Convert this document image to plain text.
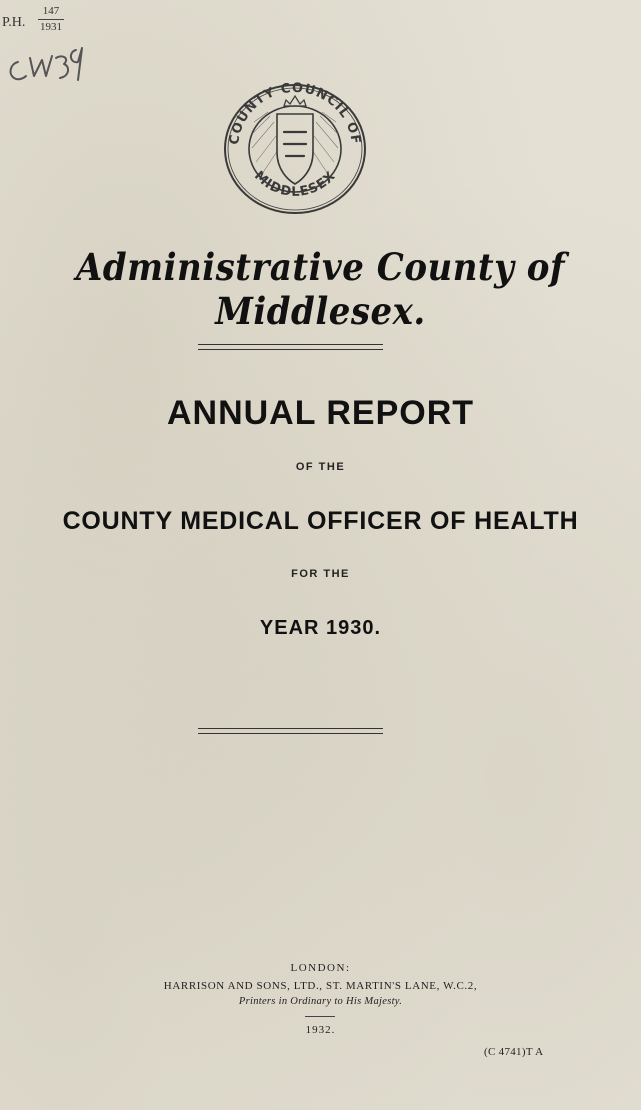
P.H.
147
1931
COUNTY COUNCIL OF
MIDDLESEX
Administrative County of Middlesex.
ANNUAL REPORT
OF THE
COUNTY MEDICAL OFFICER OF HEALTH
FOR THE
YEAR 1930.
LONDON:
HARRISON AND SONS, LTD., ST. MARTIN'S LANE, W.C.2,
Printers in Ordinary to His Majesty.
1932.
(C 4741)T A
